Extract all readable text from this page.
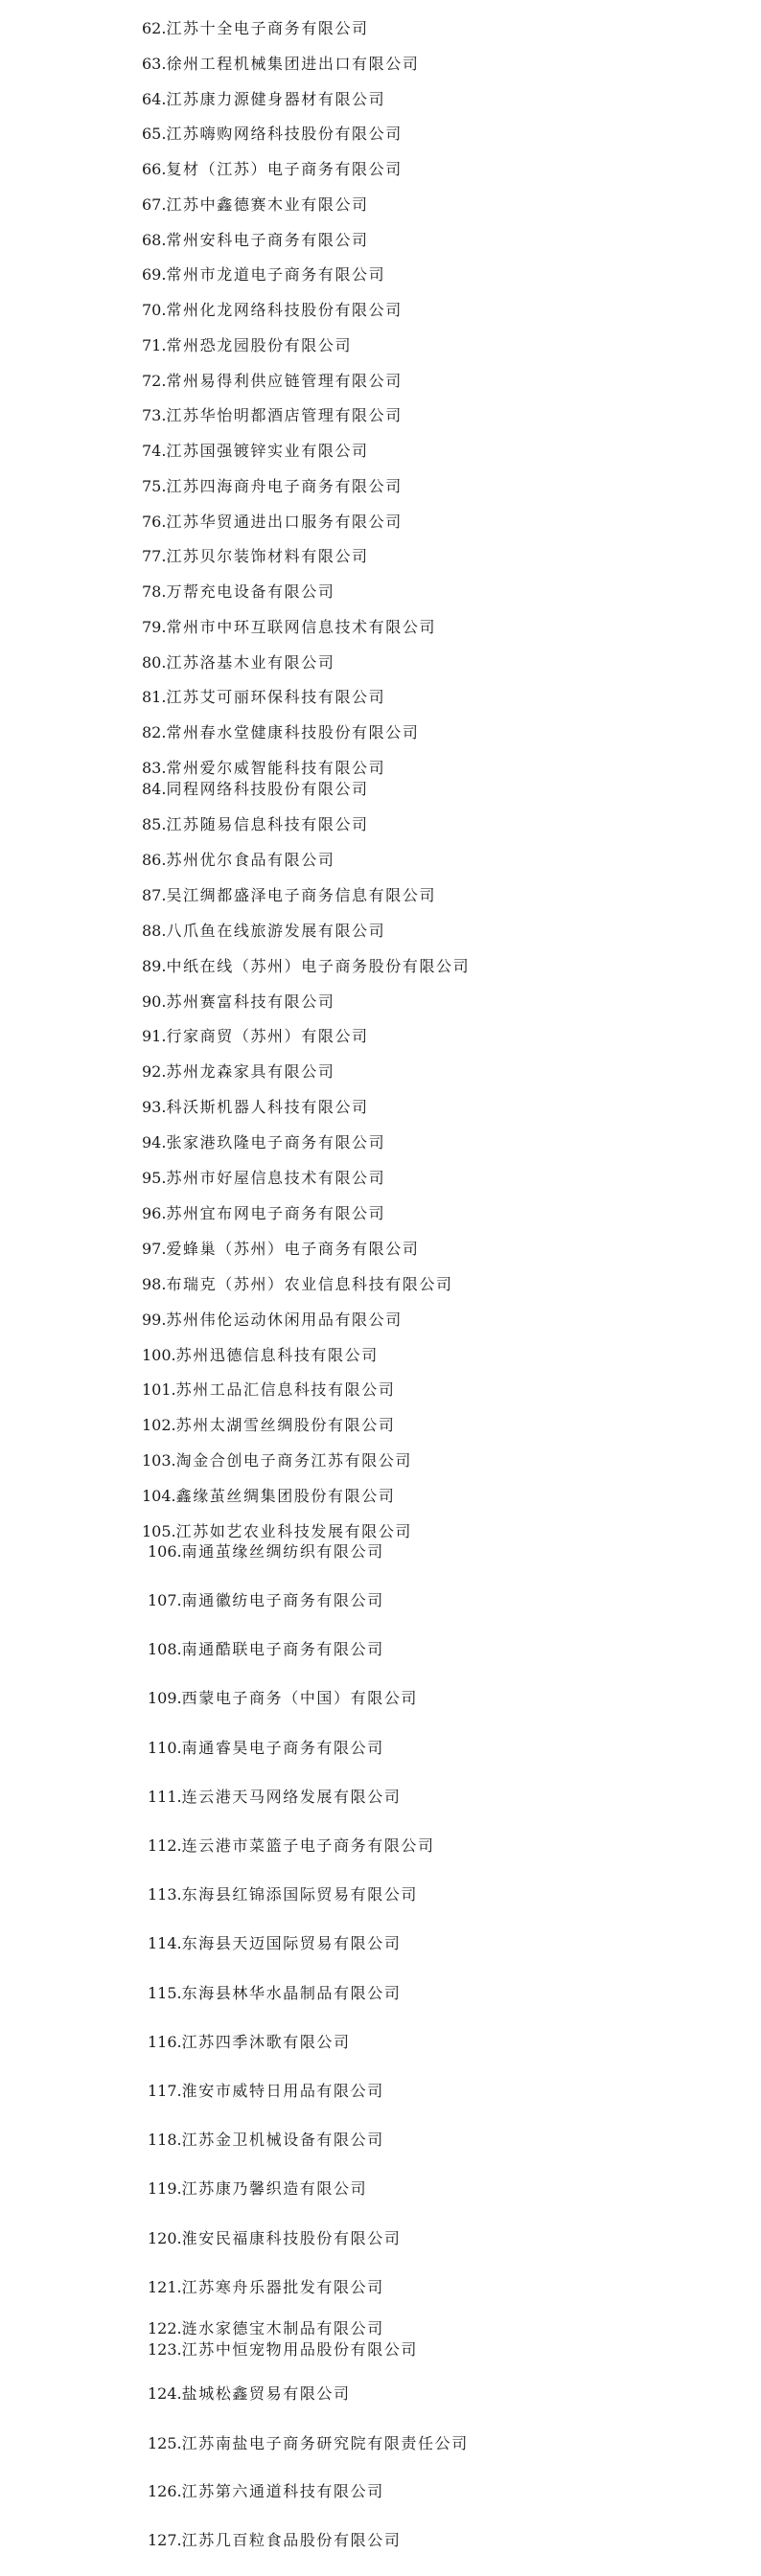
62.江苏十全电子商务有限公司
63.徐州工程机械集团进出口有限公司
64.江苏康力源健身器材有限公司
65.江苏嗨购网络科技股份有限公司
66.复材（江苏）电子商务有限公司
67.江苏中鑫德赛木业有限公司
68.常州安科电子商务有限公司
69.常州市龙道电子商务有限公司
70.常州化龙网络科技股份有限公司
71.常州恐龙园股份有限公司
72.常州易得利供应链管理有限公司
73.江苏华怡明都酒店管理有限公司
74.江苏国强镀锌实业有限公司
75.江苏四海商舟电子商务有限公司
76.江苏华贸通进出口服务有限公司
77.江苏贝尔装饰材料有限公司
78.万帮充电设备有限公司
79.常州市中环互联网信息技术有限公司
80.江苏洛基木业有限公司
81.江苏艾可丽环保科技有限公司
82.常州春水堂健康科技股份有限公司
83.常州爱尔威智能科技有限公司
84.同程网络科技股份有限公司
85.江苏随易信息科技有限公司
86.苏州优尔食品有限公司
87.吴江绸都盛泽电子商务信息有限公司
88.八爪鱼在线旅游发展有限公司
89.中纸在线（苏州）电子商务股份有限公司
90.苏州赛富科技有限公司
91.行家商贸（苏州）有限公司
92.苏州龙森家具有限公司
93.科沃斯机器人科技有限公司
94.张家港玖隆电子商务有限公司
95.苏州市好屋信息技术有限公司
96.苏州宜布网电子商务有限公司
97.爱蜂巢（苏州）电子商务有限公司
98.布瑞克（苏州）农业信息科技有限公司
99.苏州伟伦运动休闲用品有限公司
100.苏州迅德信息科技有限公司
101.苏州工品汇信息科技有限公司
102.苏州太湖雪丝绸股份有限公司
103.淘金合创电子商务江苏有限公司
104.鑫缘茧丝绸集团股份有限公司
105.江苏如艺农业科技发展有限公司
106.南通茧缘丝绸纺织有限公司
107.南通徽纺电子商务有限公司
108.南通酷联电子商务有限公司
109.西蒙电子商务（中国）有限公司
110.南通睿昊电子商务有限公司
111.连云港天马网络发展有限公司
112.连云港市菜篮子电子商务有限公司
113.东海县红锦添国际贸易有限公司
114.东海县天迈国际贸易有限公司
115.东海县林华水晶制品有限公司
116.江苏四季沐歌有限公司
117.淮安市威特日用品有限公司
118.江苏金卫机械设备有限公司
119.江苏康乃馨织造有限公司
120.淮安民福康科技股份有限公司
121.江苏寒舟乐器批发有限公司
122.涟水家德宝木制品有限公司
123.江苏中恒宠物用品股份有限公司
124.盐城松鑫贸易有限公司
125.江苏南盐电子商务研究院有限责任公司
126.江苏第六通道科技有限公司
127.江苏几百粒食品股份有限公司
